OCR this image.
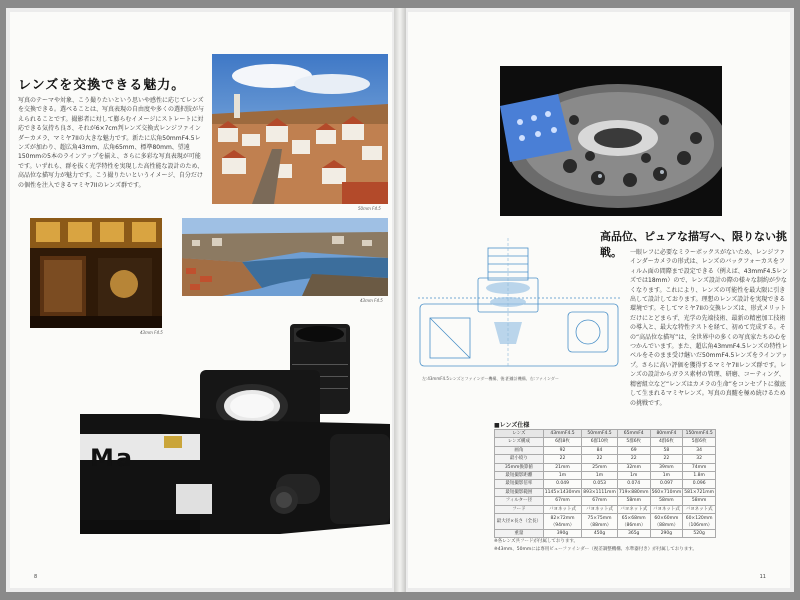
レンズを交換できる魅力。

写真のテーマや対象、こう撮りたいという思いや感性に応じてレンズを交換できる。選べることは、写真表現の自由度や多くの選択肢が与えられることです。撮影者に対して膨らむイメージにストレートに対応できる気持ち良さ、それが6×7cm判レンズ交換式レンジファインダーカメラ、マミヤ7IIの大きな魅力です。新たに広角50mmF4.5レンズが加わり、超広角43mm、広角65mm、標準80mm、望遠150mmの5本のラインアップを揃え、さらに多彩な写真表現が可能です。いずれも、群を抜く光学特性を実現した高性能な設計のため、高品位な描写力が魅力です。こう撮りたいというイメージ、自分だけの個性を注入できるマミヤ7IIのレンズ群です。

50mm F4.5
43mm F4.5
43mm F4.5
Ma
8
高品位、ピュアな描写へ、限りない挑戦。	一眼レフに必要なミラーボックスがないため、レンジファインダーカメラの形式は、レンズのバックフォーカスをフィルム面の間際まで設定できる（例えば、43mmF4.5レンズでは18mm）ので、レンズ設計の際の様々な制約が少なくなります。これにより、レンズの可能性を最大限に引き出して設計しております。理想のレンズ設計を実現できる環境です。そしてマミヤ7IIの交換レンズは、形式メリットだけにとどまらず、光学の先端技術、最新の精密加工技術の導入と、最大な特性テストを経て、初めて完成する。その“高品位な描写”は、全世界中の多くの写真家たちの心をつかんでいます。また、超広角43mmF4.5レンズの特性レベルをそのまま受け継いだ50mmF4.5レンズをラインアップ。さらに高い評価を獲得するマミヤ7IIレンズ群です。レンズの設計からガラス素材の管理、研磨、コーティング、精密組立など“レンズはカメラの生命”をコンセプトに徹底して生まれるマミヤレンズ。写真の真髄を極め続けるための挑戦です。

左:43mmF4.5レンズとファインダー機構、後:距離計機構、右:ファインダー
■レンズ仕様
レンズ	43mmF4.5	50mmF4.5	65mmF4	80mmF4	150mmF4.5
レンズ構成	6群8枚	6群10枚	5群6枚	4群6枚	5群6枚
画角	92	84	69	58	34
最小絞り	22	22	22	22	32
35mm換算値	21mm	25mm	32mm	39mm	74mm
最短撮影距離	1m	1m	1m	1m	1.8m
最短撮影倍率	0.049	0.053	0.074	0.097	0.096
最短撮影範囲	1145×1430mm	893×1111mm	719×880mm	560×710mm	581×721mm
フィルター径	67mm	67mm	58mm	58mm	58mm
フード	バヨネット式	バヨネット式	バヨネット式	バヨネット式	バヨネット式
最大径×長さ（全長）	82×72mm（94mm）	75×75mm（88mm）	65×68mm（86mm）	60×60mm（88mm）	60×120mm（106mm）
重量	390g	450g	365g	290g	520g
※各レンズ共フードが付属しております。
※43mm、50mmには専用ビューファインダー（視差調整機構、水準器付き）が付属しております。
11
